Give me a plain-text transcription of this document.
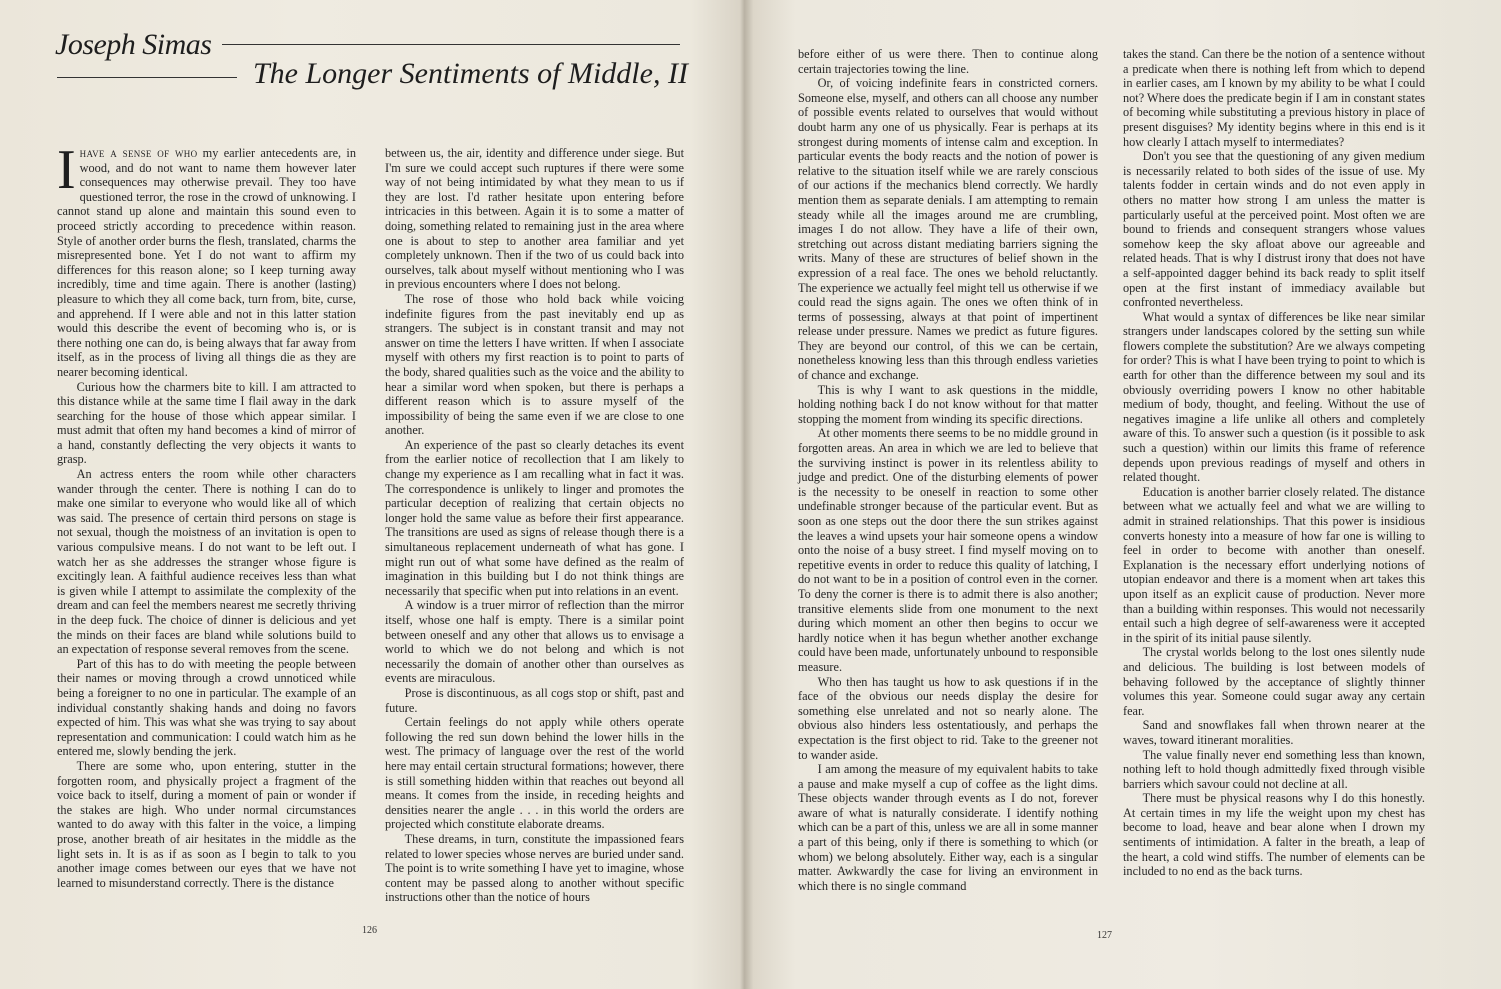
Joseph Simas
The Longer Sentiments of Middle, II

Ihave a sense of who my earlier antecedents are, in wood, and do not want to name them however later consequences may otherwise prevail. They too have questioned terror, the rose in the crowd of unknowing. I cannot stand up alone and maintain this sound even to proceed strictly according to precedence within reason. Style of another order burns the flesh, translated, charms the misrepresented bone. Yet I do not want to affirm my differences for this reason alone; so I keep turning away incredibly, time and time again. There is another (lasting) pleasure to which they all come back, turn from, bite, curse, and apprehend. If I were able and not in this latter station would this describe the event of becoming who is, or is there nothing one can do, is being always that far away from itself, as in the process of living all things die as they are nearer becoming identical.

Curious how the charmers bite to kill. I am attracted to this distance while at the same time I flail away in the dark searching for the house of those which appear similar. I must admit that often my hand becomes a kind of mirror of a hand, constantly deflecting the very objects it wants to grasp.

An actress enters the room while other characters wander through the center. There is nothing I can do to make one similar to everyone who would like all of which was said. The presence of certain third persons on stage is not sexual, though the moistness of an invitation is open to various compulsive means. I do not want to be left out. I watch her as she addresses the stranger whose figure is excitingly lean. A faithful audience receives less than what is given while I attempt to assimilate the complexity of the dream and can feel the members nearest me secretly thriving in the deep fuck. The choice of dinner is delicious and yet the minds on their faces are bland while solutions build to an expectation of response several removes from the scene.

Part of this has to do with meeting the people between their names or moving through a crowd unnoticed while being a foreigner to no one in particular. The example of an individual constantly shaking hands and doing no favors expected of him. This was what she was trying to say about representation and communication: I could watch him as he entered me, slowly bending the jerk.

There are some who, upon entering, stutter in the forgotten room, and physically project a fragment of the voice back to itself, during a moment of pain or wonder if the stakes are high. Who under normal circumstances wanted to do away with this falter in the voice, a limping prose, another breath of air hesitates in the middle as the light sets in. It is as if as soon as I begin to talk to you another image comes between our eyes that we have not learned to misunderstand correctly. There is the distance

between us, the air, identity and difference under siege. But I'm sure we could accept such ruptures if there were some way of not being intimidated by what they mean to us if they are lost. I'd rather hesitate upon entering before intricacies in this between. Again it is to some a matter of doing, something related to remaining just in the area where one is about to step to another area familiar and yet completely unknown. Then if the two of us could back into ourselves, talk about myself without mentioning who I was in previous encounters where I does not belong.

The rose of those who hold back while voicing indefinite figures from the past inevitably end up as strangers. The subject is in constant transit and may not answer on time the letters I have written. If when I associate myself with others my first reaction is to point to parts of the body, shared qualities such as the voice and the ability to hear a similar word when spoken, but there is perhaps a different reason which is to assure myself of the impossibility of being the same even if we are close to one another.

An experience of the past so clearly detaches its event from the earlier notice of recollection that I am likely to change my experience as I am recalling what in fact it was. The correspondence is unlikely to linger and promotes the particular deception of realizing that certain objects no longer hold the same value as before their first appearance. The transitions are used as signs of release though there is a simultaneous replacement underneath of what has gone. I might run out of what some have defined as the realm of imagination in this building but I do not think things are necessarily that specific when put into relations in an event.

A window is a truer mirror of reflection than the mirror itself, whose one half is empty. There is a similar point between oneself and any other that allows us to envisage a world to which we do not belong and which is not necessarily the domain of another other than ourselves as events are miraculous.

Prose is discontinuous, as all cogs stop or shift, past and future.

Certain feelings do not apply while others operate following the red sun down behind the lower hills in the west. The primacy of language over the rest of the world here may entail certain structural formations; however, there is still something hidden within that reaches out beyond all means. It comes from the inside, in receding heights and densities nearer the angle . . . in this world the orders are projected which constitute elaborate dreams.

These dreams, in turn, constitute the impassioned fears related to lower species whose nerves are buried under sand. The point is to write something I have yet to imagine, whose content may be passed along to another without specific instructions other than the notice of hours

126

before either of us were there. Then to continue along certain trajectories towing the line.

Or, of voicing indefinite fears in constricted corners. Someone else, myself, and others can all choose any number of possible events related to ourselves that would without doubt harm any one of us physically. Fear is perhaps at its strongest during moments of intense calm and exception. In particular events the body reacts and the notion of power is relative to the situation itself while we are rarely conscious of our actions if the mechanics blend correctly. We hardly mention them as separate denials. I am attempting to remain steady while all the images around me are crumbling, images I do not allow. They have a life of their own, stretching out across distant mediating barriers signing the writs. Many of these are structures of belief shown in the expression of a real face. The ones we behold reluctantly. The experience we actually feel might tell us otherwise if we could read the signs again. The ones we often think of in terms of possessing, always at that point of impertinent release under pressure. Names we predict as future figures. They are beyond our control, of this we can be certain, nonetheless knowing less than this through endless varieties of chance and exchange.

This is why I want to ask questions in the middle, holding nothing back I do not know without for that matter stopping the moment from winding its specific directions.

At other moments there seems to be no middle ground in forgotten areas. An area in which we are led to believe that the surviving instinct is power in its relentless ability to judge and predict. One of the disturbing elements of power is the necessity to be oneself in reaction to some other undefinable stronger because of the particular event. But as soon as one steps out the door there the sun strikes against the leaves a wind upsets your hair someone opens a window onto the noise of a busy street. I find myself moving on to repetitive events in order to reduce this quality of latching, I do not want to be in a position of control even in the corner. To deny the corner is there is to admit there is also another; transitive elements slide from one monument to the next during which moment an other then begins to occur we hardly notice when it has begun whether another exchange could have been made, unfortunately unbound to responsible measure.

Who then has taught us how to ask questions if in the face of the obvious our needs display the desire for something else unrelated and not so nearly alone. The obvious also hinders less ostentatiously, and perhaps the expectation is the first object to rid. Take to the greener not to wander aside.

I am among the measure of my equivalent habits to take a pause and make myself a cup of coffee as the light dims. These objects wander through events as I do not, forever aware of what is naturally considerate. I identify nothing which can be a part of this, unless we are all in some manner a part of this being, only if there is something to which (or whom) we belong absolutely. Either way, each is a singular matter. Awkwardly the case for living an environment in which there is no single command

takes the stand. Can there be the notion of a sentence without a predicate when there is nothing left from which to depend in earlier cases, am I known by my ability to be what I could not? Where does the predicate begin if I am in constant states of becoming while substituting a previous history in place of present disguises? My identity begins where in this end is it how clearly I attach myself to intermediates?

Don't you see that the questioning of any given medium is necessarily related to both sides of the issue of use. My talents fodder in certain winds and do not even apply in others no matter how strong I am unless the matter is particularly useful at the perceived point. Most often we are bound to friends and consequent strangers whose values somehow keep the sky afloat above our agreeable and related heads. That is why I distrust irony that does not have a self-appointed dagger behind its back ready to split itself open at the first instant of immediacy available but confronted nevertheless.

What would a syntax of differences be like near similar strangers under landscapes colored by the setting sun while flowers complete the substitution? Are we always competing for order? This is what I have been trying to point to which is earth for other than the difference between my soul and its obviously overriding powers I know no other habitable medium of body, thought, and feeling. Without the use of negatives imagine a life unlike all others and completely aware of this. To answer such a question (is it possible to ask such a question) within our limits this frame of reference depends upon previous readings of myself and others in related thought.

Education is another barrier closely related. The distance between what we actually feel and what we are willing to admit in strained relationships. That this power is insidious converts honesty into a measure of how far one is willing to feel in order to become with another than oneself. Explanation is the necessary effort underlying notions of utopian endeavor and there is a moment when art takes this upon itself as an explicit cause of production. Never more than a building within responses. This would not necessarily entail such a high degree of self-awareness were it accepted in the spirit of its initial pause silently.

The crystal worlds belong to the lost ones silently nude and delicious. The building is lost between models of behaving followed by the acceptance of slightly thinner volumes this year. Someone could sugar away any certain fear.

Sand and snowflakes fall when thrown nearer at the waves, toward itinerant moralities.

The value finally never end something less than known, nothing left to hold though admittedly fixed through visible barriers which savour could not decline at all.

There must be physical reasons why I do this honestly. At certain times in my life the weight upon my chest has become to load, heave and bear alone when I drown my sentiments of intimidation. A falter in the breath, a leap of the heart, a cold wind stiffs. The number of elements can be included to no end as the back turns.

127
